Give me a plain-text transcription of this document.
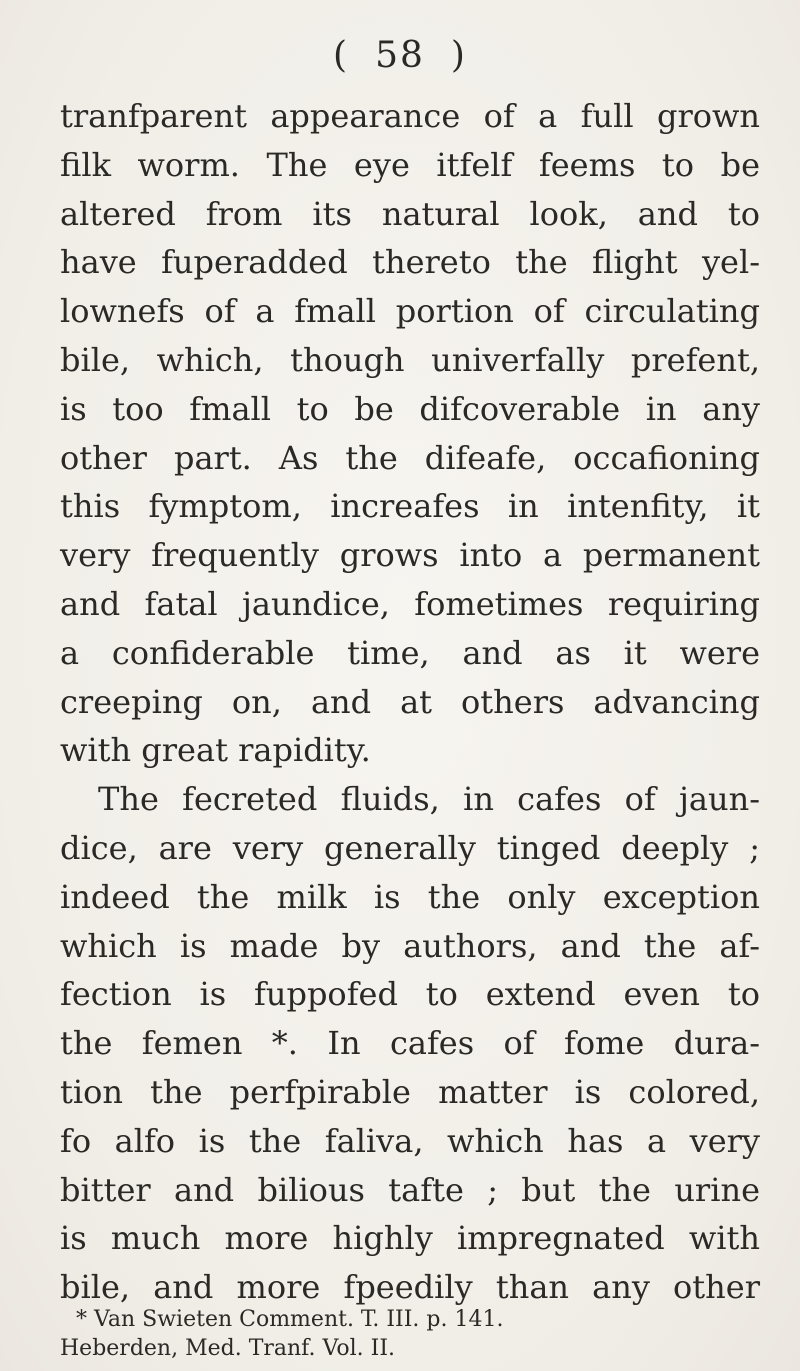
( 58 )
tranfparent appearance of a full grown
filk worm. The eye itfelf feems to be
altered from its natural look, and to
have fuperadded thereto the flight yel-
lownefs of a fmall portion of circulating
bile, which, though univerfally prefent,
is too fmall to be difcoverable in any
other part. As the difeafe, occafioning
this fymptom, increafes in intenfity, it
very frequently grows into a permanent
and fatal jaundice, fometimes requiring
a confiderable time, and as it were
creeping on, and at others advancing
with great rapidity.
The fecreted fluids, in cafes of jaun-
dice, are very generally tinged deeply ;
indeed the milk is the only exception
which is made by authors, and the af-
fection is fuppofed to extend even to
the femen *. In cafes of fome dura-
tion the perfpirable matter is colored,
fo alfo is the faliva, which has a very
bitter and bilious tafte ; but the urine
is much more highly impregnated with
bile, and more fpeedily than any other
* Van Swieten Comment. T. III. p. 141.
Heberden, Med. Tranf. Vol. II.
